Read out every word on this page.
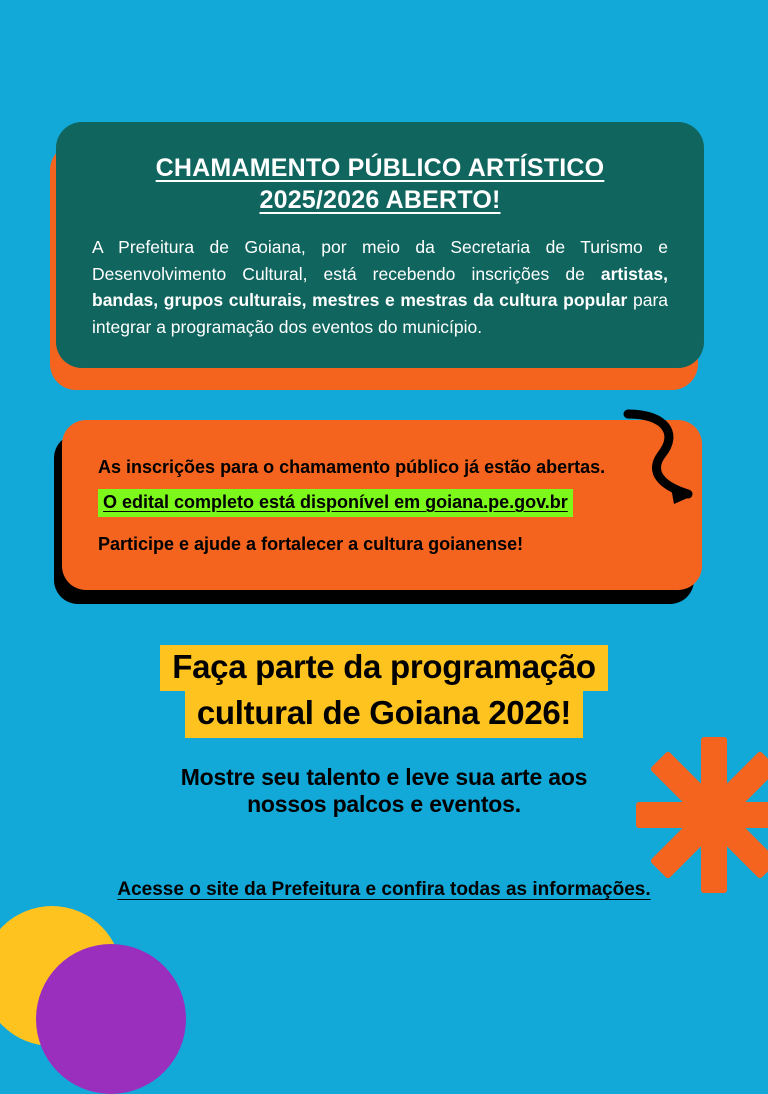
CHAMAMENTO PÚBLICO ARTÍSTICO
2025/2026 ABERTO!

A Prefeitura de Goiana, por meio da Secretaria de Turismo e Desenvolvimento Cultural, está recebendo inscrições de artistas, bandas, grupos culturais, mestres e mestras da cultura popular para integrar a programação dos eventos do município.

As inscrições para o chamamento público já estão abertas.

O edital completo está disponível em goiana.pe.gov.br

Participe e ajude a fortalecer a cultura goianense!

Faça parte da programação
cultural de Goiana 2026!

Mostre seu talento e leve sua arte aos
nossos palcos e eventos.

Acesse o site da Prefeitura e confira todas as informações.
